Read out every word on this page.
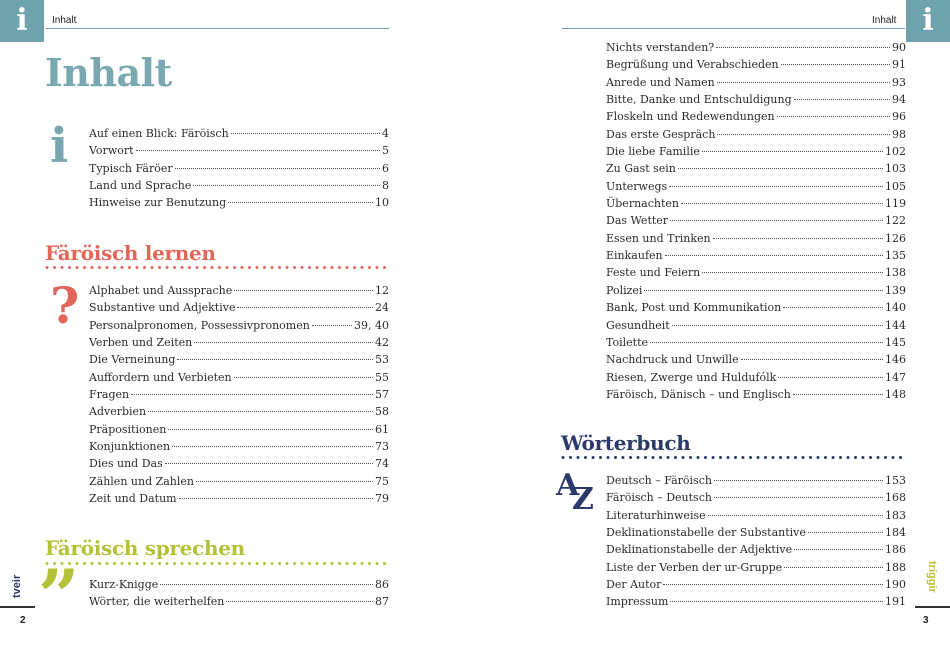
i	Inhalt	i
Inhalt
Inhalt
i Auf einen Blick: Färöisch	4
Vorwort	5
Typisch Färöer	6
Land und Sprache	8
Hinweise zur Benutzung	10
Färöisch lernen
? Alphabet und Aussprache	12
Substantive und Adjektive	24
Personalpronomen, Possessivpronomen	39, 40
Verben und Zeiten	42
Die Verneinung	53
Auffordern und Verbieten	55
Fragen	57
Adverbien	58
Präpositionen	61
Konjunktionen	73
Dies und Das	74
Zählen und Zahlen	75
Zeit und Datum	79
Färöisch sprechen
” Kurz-Knigge	86
Wörter, die weiterhelfen	87
Nichts verstanden?	90
Begrüßung und Verabschieden	91
Anrede und Namen	93
Bitte, Danke und Entschuldigung	94
Floskeln und Redewendungen	96
Das erste Gespräch	98
Die liebe Familie	102
Zu Gast sein	103
Unterwegs	105
Übernachten	119
Das Wetter	122
Essen und Trinken	126
Einkaufen	135
Feste und Feiern	138
Polizei	139
Bank, Post und Kommunikation	140
Gesundheit	144
Toilette	145
Nachdruck und Unwille	146
Riesen, Zwerge und Huldufólk	147
Färöisch, Dänisch – und Englisch	148
Wörterbuch
A
Z
Deutsch – Färöisch	153
Färöisch – Deutsch	168
Literaturhinweise	183
Deklinationstabelle der Substantive	184
Deklinationstabelle der Adjektive	186
Liste der Verben der ur-Gruppe	188
Der Autor	190
Impressum	191
tveir
2
tríggir
3
